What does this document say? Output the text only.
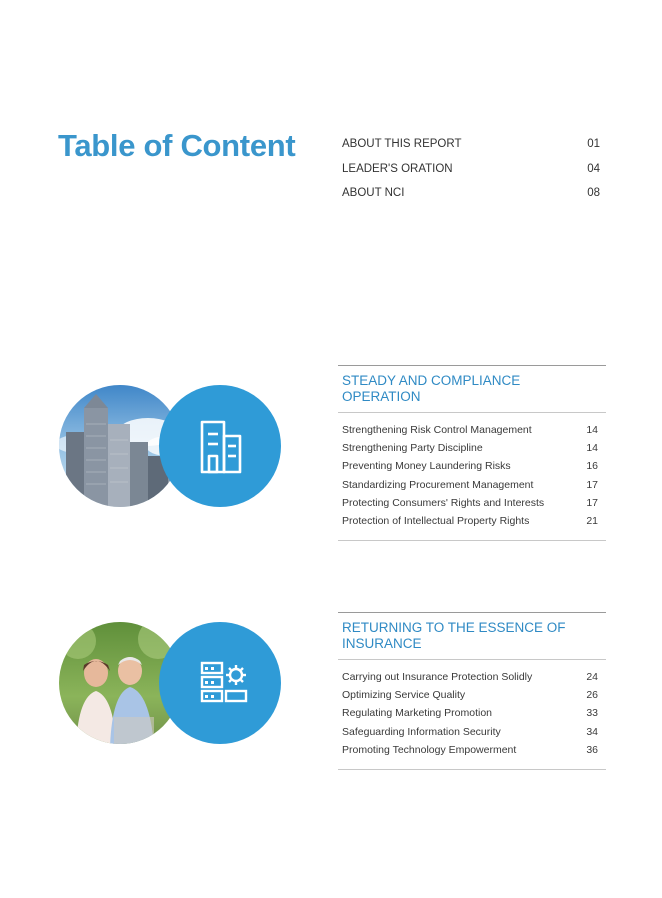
Table of Content	ABOUT THIS REPORT	01
LEADER'S ORATION	04
ABOUT NCI	08
STEADY AND COMPLIANCE OPERATION
Strengthening Risk Control Management	14
Strengthening Party Discipline	14
Preventing Money Laundering Risks	16
Standardizing Procurement Management	17
Protecting Consumers' Rights and Interests	17
Protection of Intellectual Property Rights	21
RETURNING TO THE ESSENCE OF INSURANCE
Carrying out Insurance Protection Solidly	24
Optimizing Service Quality	26
Regulating Marketing Promotion	33
Safeguarding Information Security	34
Promoting Technology Empowerment	36
